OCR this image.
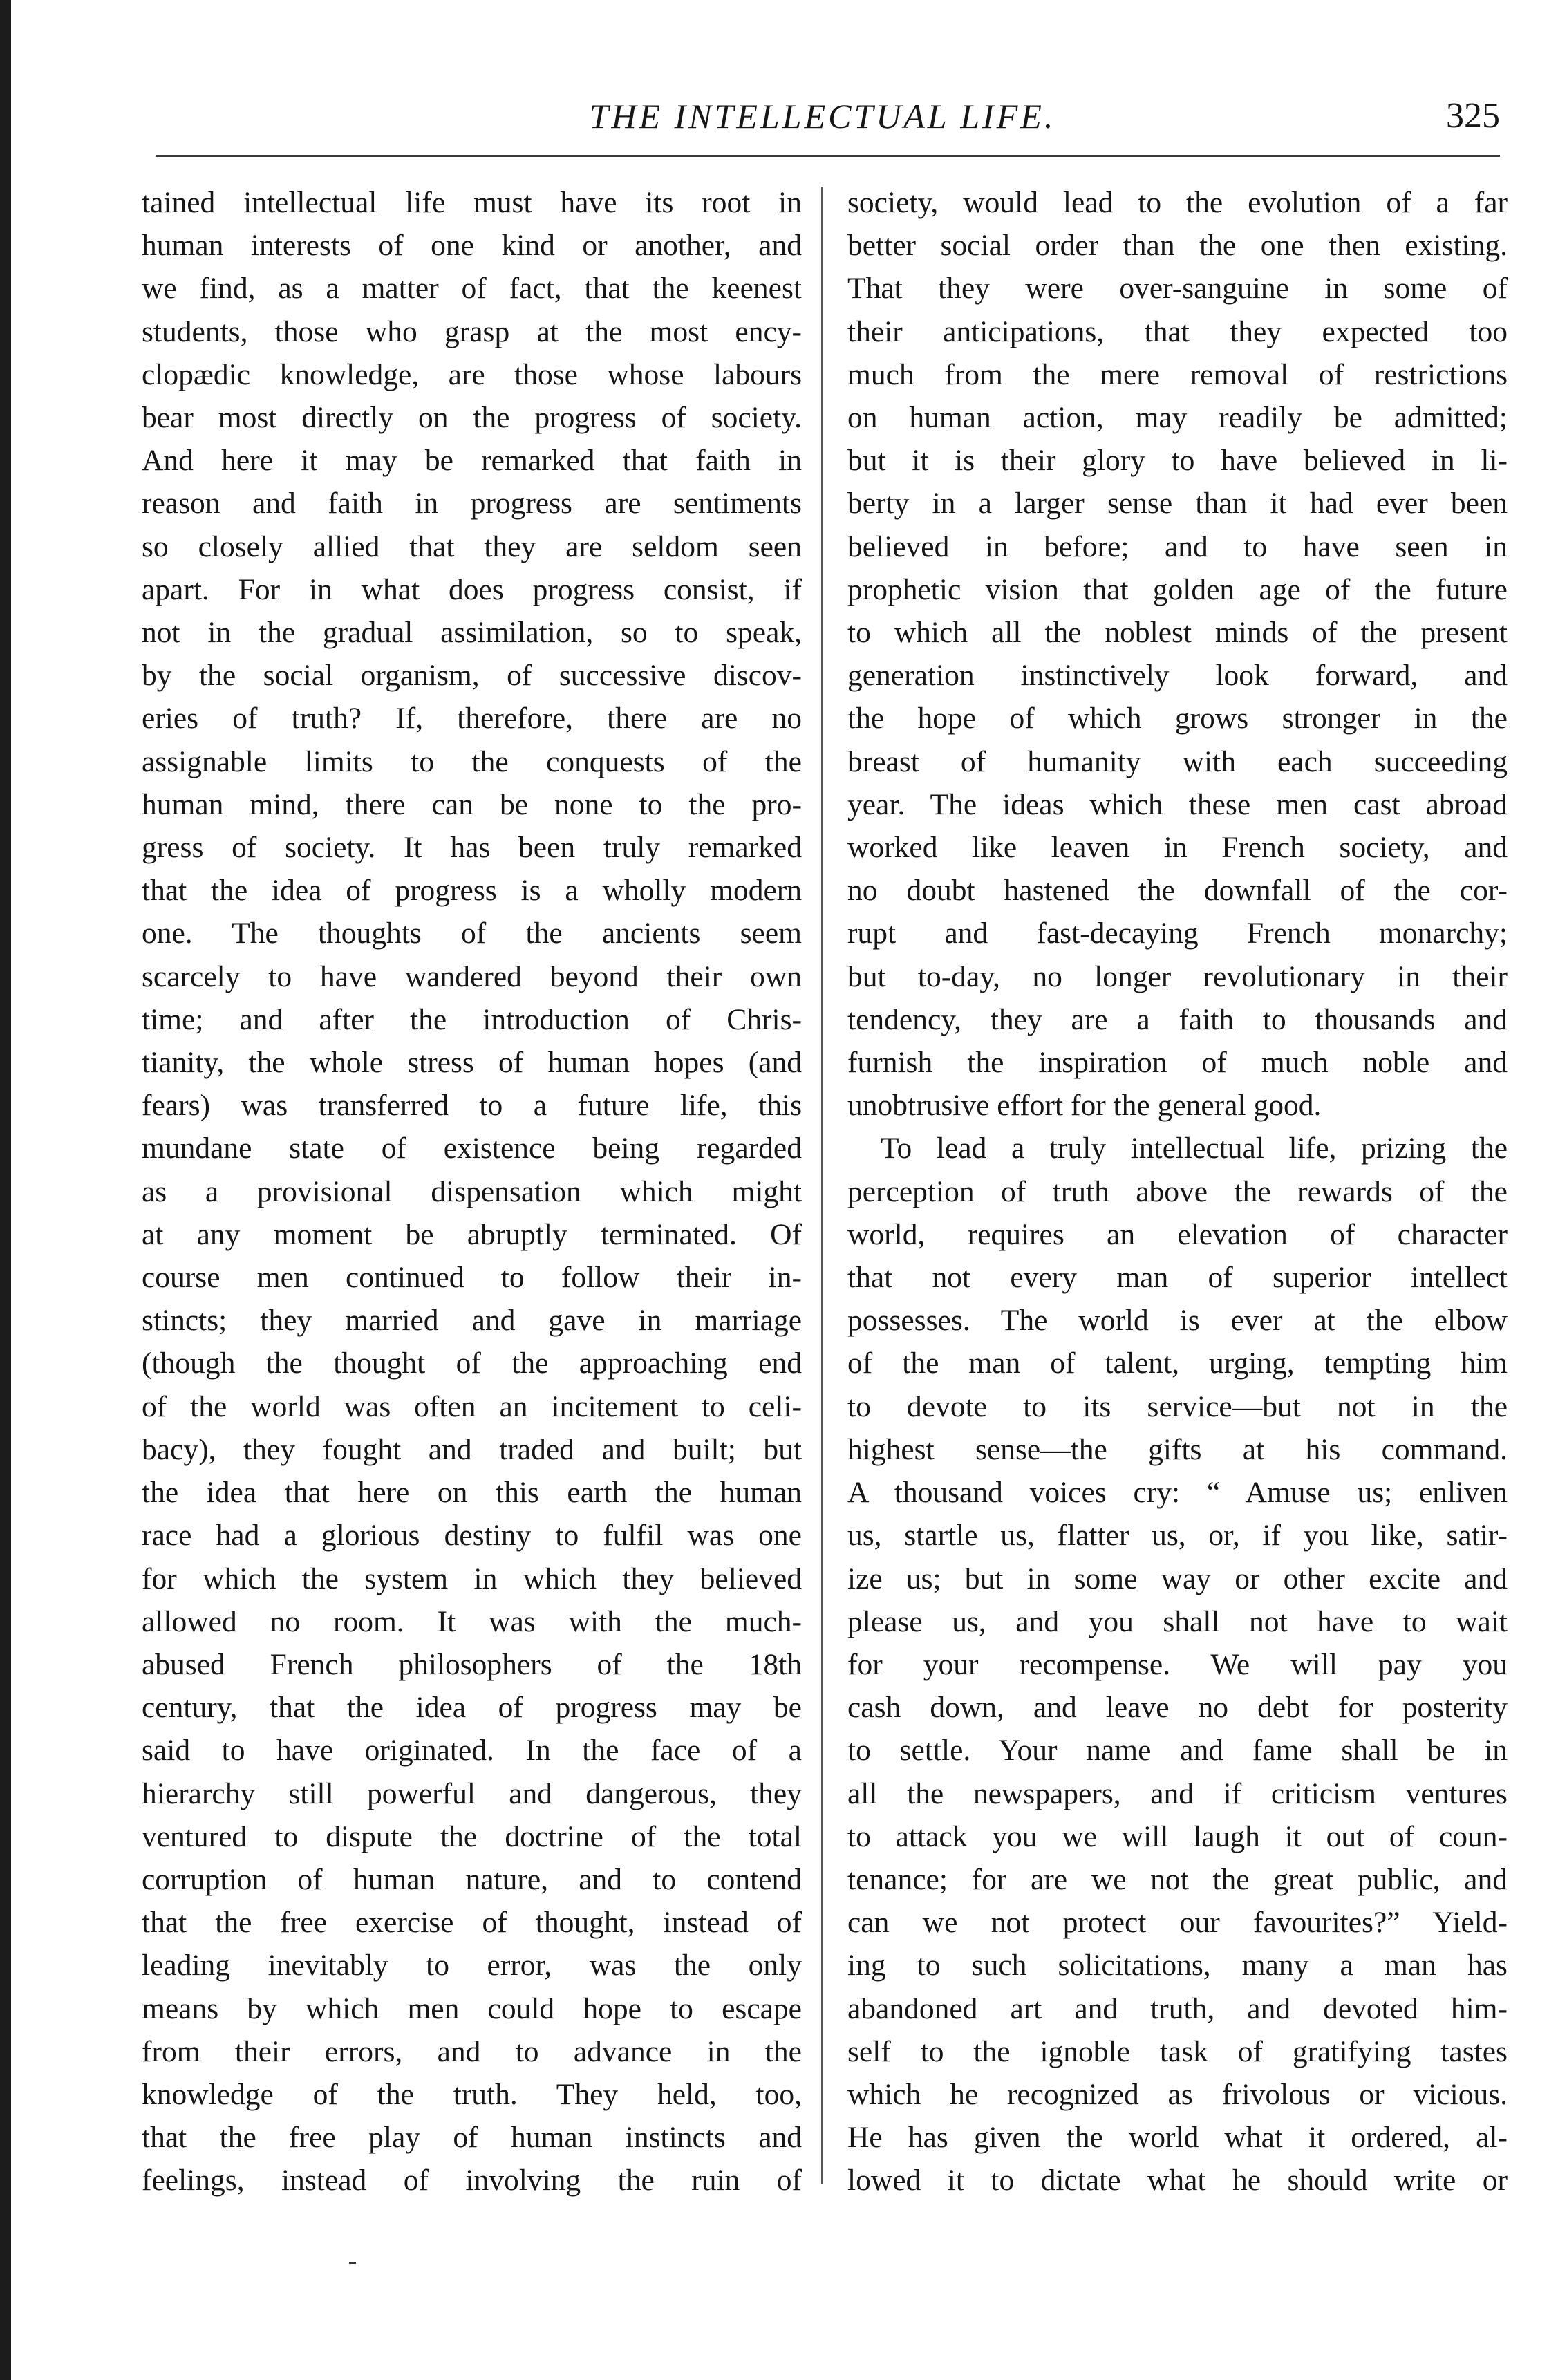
THE INTELLECTUAL LIFE.	325
tained intellectual life must have its root in
human interests of one kind or another, and
we find, as a matter of fact, that the keenest
students, those who grasp at the most ency-
clopædic knowledge, are those whose labours
bear most directly on the progress of society.
And here it may be remarked that faith in
reason and faith in progress are sentiments
so closely allied that they are seldom seen
apart. For in what does progress consist, if
not in the gradual assimilation, so to speak,
by the social organism, of successive discov-
eries of truth? If, therefore, there are no
assignable limits to the conquests of the
human mind, there can be none to the pro-
gress of society. It has been truly remarked
that the idea of progress is a wholly modern
one. The thoughts of the ancients seem
scarcely to have wandered beyond their own
time; and after the introduction of Chris-
tianity, the whole stress of human hopes (and
fears) was transferred to a future life, this
mundane state of existence being regarded
as a provisional dispensation which might
at any moment be abruptly terminated. Of
course men continued to follow their in-
stincts; they married and gave in marriage
(though the thought of the approaching end
of the world was often an incitement to celi-
bacy), they fought and traded and built; but
the idea that here on this earth the human
race had a glorious destiny to fulfil was one
for which the system in which they believed
allowed no room. It was with the much-
abused French philosophers of the 18th
century, that the idea of progress may be
said to have originated. In the face of a
hierarchy still powerful and dangerous, they
ventured to dispute the doctrine of the total
corruption of human nature, and to contend
that the free exercise of thought, instead of
leading inevitably to error, was the only
means by which men could hope to escape
from their errors, and to advance in the
knowledge of the truth. They held, too,
that the free play of human instincts and
feelings, instead of involving the ruin of
society, would lead to the evolution of a far
better social order than the one then existing.
That they were over-sanguine in some of
their anticipations, that they expected too
much from the mere removal of restrictions
on human action, may readily be admitted;
but it is their glory to have believed in li-
berty in a larger sense than it had ever been
believed in before; and to have seen in
prophetic vision that golden age of the future
to which all the noblest minds of the present
generation instinctively look forward, and
the hope of which grows stronger in the
breast of humanity with each succeeding
year. The ideas which these men cast abroad
worked like leaven in French society, and
no doubt hastened the downfall of the cor-
rupt and fast-decaying French monarchy;
but to-day, no longer revolutionary in their
tendency, they are a faith to thousands and
furnish the inspiration of much noble and
unobtrusive effort for the general good.
To lead a truly intellectual life, prizing the
perception of truth above the rewards of the
world, requires an elevation of character
that not every man of superior intellect
possesses. The world is ever at the elbow
of the man of talent, urging, tempting him
to devote to its service—but not in the
highest sense—the gifts at his command.
A thousand voices cry: “ Amuse us; enliven
us, startle us, flatter us, or, if you like, satir-
ize us; but in some way or other excite and
please us, and you shall not have to wait
for your recompense. We will pay you
cash down, and leave no debt for posterity
to settle. Your name and fame shall be in
all the newspapers, and if criticism ventures
to attack you we will laugh it out of coun-
tenance; for are we not the great public, and
can we not protect our favourites?” Yield-
ing to such solicitations, many a man has
abandoned art and truth, and devoted him-
self to the ignoble task of gratifying tastes
which he recognized as frivolous or vicious.
He has given the world what it ordered, al-
lowed it to dictate what he should write or
